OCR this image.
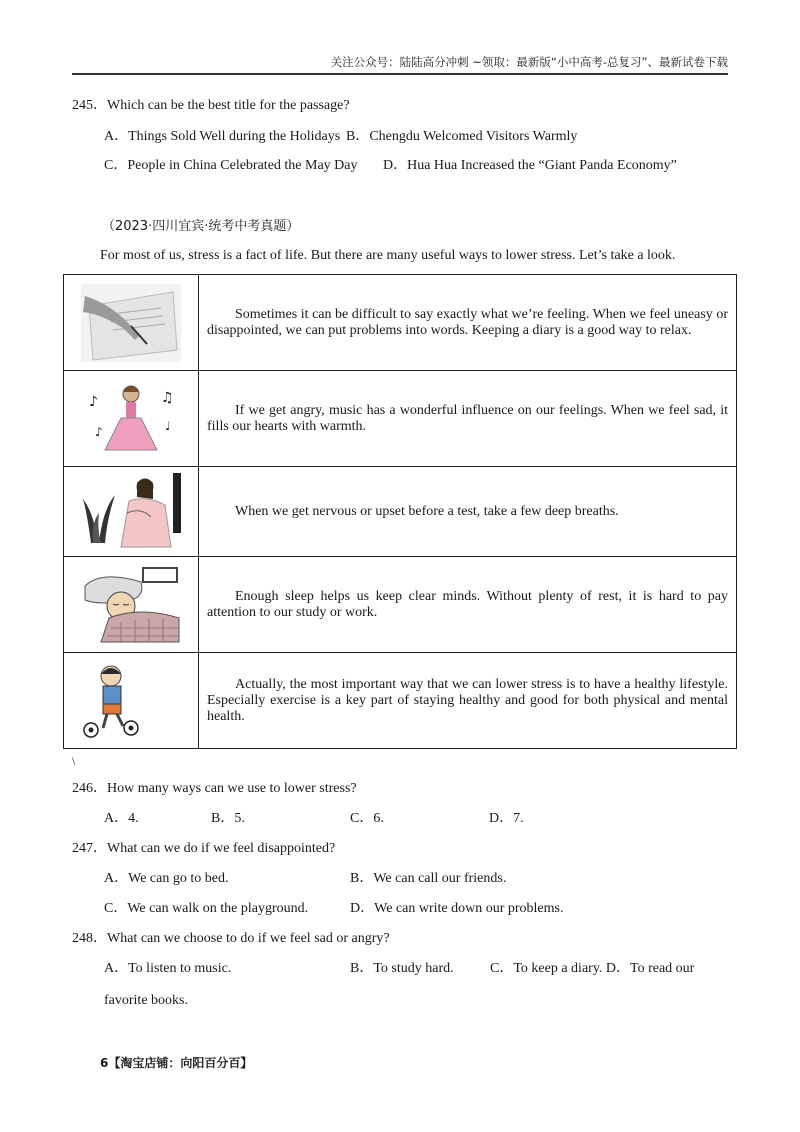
关注公众号：陆陆高分冲刺 ~领取：最新版“小中高考-总复习”、最新试卷下载
245．Which can be the best title for the passage?
A．Things Sold Well during the Holidays B．Chengdu Welcomed Visitors Warmly
C．People in China Celebrated the May Day D．Hua Hua Increased the “Giant Panda Economy”
（2023·四川宜宾·统考中考真题）
For most of us, stress is a fact of life. But there are many useful ways to lower stress. Let’s take a look.
	Sometimes it can be difficult to say exactly what we’re feeling. When we feel uneasy or disappointed, we can put problems into words. Keeping a diary is a good way to relax.

♪ ♫
♪ ♩	If we get angry, music has a wonderful influence on our feelings. When we feel sad, it fills our hearts with warmth.

	When we get nervous or upset before a test, take a few deep breaths.

	Enough sleep helps us keep clear minds. Without plenty of rest, it is hard to pay attention to our study or work.

	Actually, the most important way that we can lower stress is to have a healthy lifestyle. Especially exercise is a key part of staying healthy and good for both physical and mental health.
\
246．How many ways can we use to lower stress?
A．4.	B．5.	C．6.	D．7.
247．What can we do if we feel disappointed?
A．We can go to bed.	B．We can call our friends.
C．We can walk on the playground.	D．We can write down our problems.
248．What can we choose to do if we feel sad or angry?
A．To listen to music.	B．To study hard.	C．To keep a diary. D．To read our
favorite books.
6【淘宝店铺：向阳百分百】
